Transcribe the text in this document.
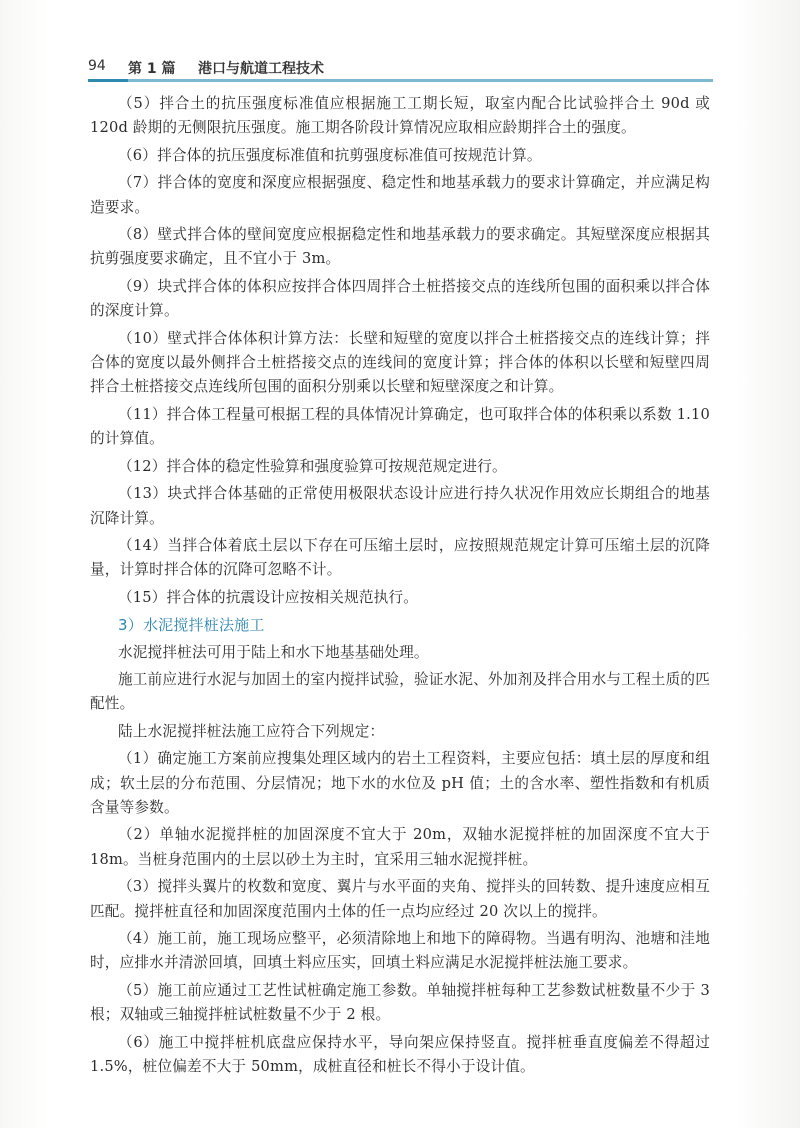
94 第 1 篇 港口与航道工程技术

（5）拌合土的抗压强度标准值应根据施工工期长短，取室内配合比试验拌合土 90d 或 120d 龄期的无侧限抗压强度。施工期各阶段计算情况应取相应龄期拌合土的强度。

（6）拌合体的抗压强度标准值和抗剪强度标准值可按规范计算。

（7）拌合体的宽度和深度应根据强度、稳定性和地基承载力的要求计算确定，并应满足构造要求。

（8）壁式拌合体的壁间宽度应根据稳定性和地基承载力的要求确定。其短壁深度应根据其抗剪强度要求确定，且不宜小于 3m。

（9）块式拌合体的体积应按拌合体四周拌合土桩搭接交点的连线所包围的面积乘以拌合体的深度计算。

（10）壁式拌合体体积计算方法：长壁和短壁的宽度以拌合土桩搭接交点的连线计算；拌合体的宽度以最外侧拌合土桩搭接交点的连线间的宽度计算；拌合体的体积以长壁和短壁四周拌合土桩搭接交点连线所包围的面积分别乘以长壁和短壁深度之和计算。

（11）拌合体工程量可根据工程的具体情况计算确定，也可取拌合体的体积乘以系数 1.10 的计算值。

（12）拌合体的稳定性验算和强度验算可按规范规定进行。

（13）块式拌合体基础的正常使用极限状态设计应进行持久状况作用效应长期组合的地基沉降计算。

（14）当拌合体着底土层以下存在可压缩土层时，应按照规范规定计算可压缩土层的沉降量，计算时拌合体的沉降可忽略不计。

（15）拌合体的抗震设计应按相关规范执行。

3）水泥搅拌桩法施工

水泥搅拌桩法可用于陆上和水下地基基础处理。

施工前应进行水泥与加固土的室内搅拌试验，验证水泥、外加剂及拌合用水与工程土质的匹配性。

陆上水泥搅拌桩法施工应符合下列规定：

（1）确定施工方案前应搜集处理区域内的岩土工程资料，主要应包括：填土层的厚度和组成；软土层的分布范围、分层情况；地下水的水位及 pH 值；土的含水率、塑性指数和有机质含量等参数。

（2）单轴水泥搅拌桩的加固深度不宜大于 20m，双轴水泥搅拌桩的加固深度不宜大于 18m。当桩身范围内的土层以砂土为主时，宜采用三轴水泥搅拌桩。

（3）搅拌头翼片的枚数和宽度、翼片与水平面的夹角、搅拌头的回转数、提升速度应相互匹配。搅拌桩直径和加固深度范围内土体的任一点均应经过 20 次以上的搅拌。

（4）施工前，施工现场应整平，必须清除地上和地下的障碍物。当遇有明沟、池塘和洼地时，应排水并清淤回填，回填土料应压实，回填土料应满足水泥搅拌桩法施工要求。

（5）施工前应通过工艺性试桩确定施工参数。单轴搅拌桩每种工艺参数试桩数量不少于 3 根；双轴或三轴搅拌桩试桩数量不少于 2 根。

（6）施工中搅拌桩机底盘应保持水平，导向架应保持竖直。搅拌桩垂直度偏差不得超过 1.5%，桩位偏差不大于 50mm，成桩直径和桩长不得小于设计值。
